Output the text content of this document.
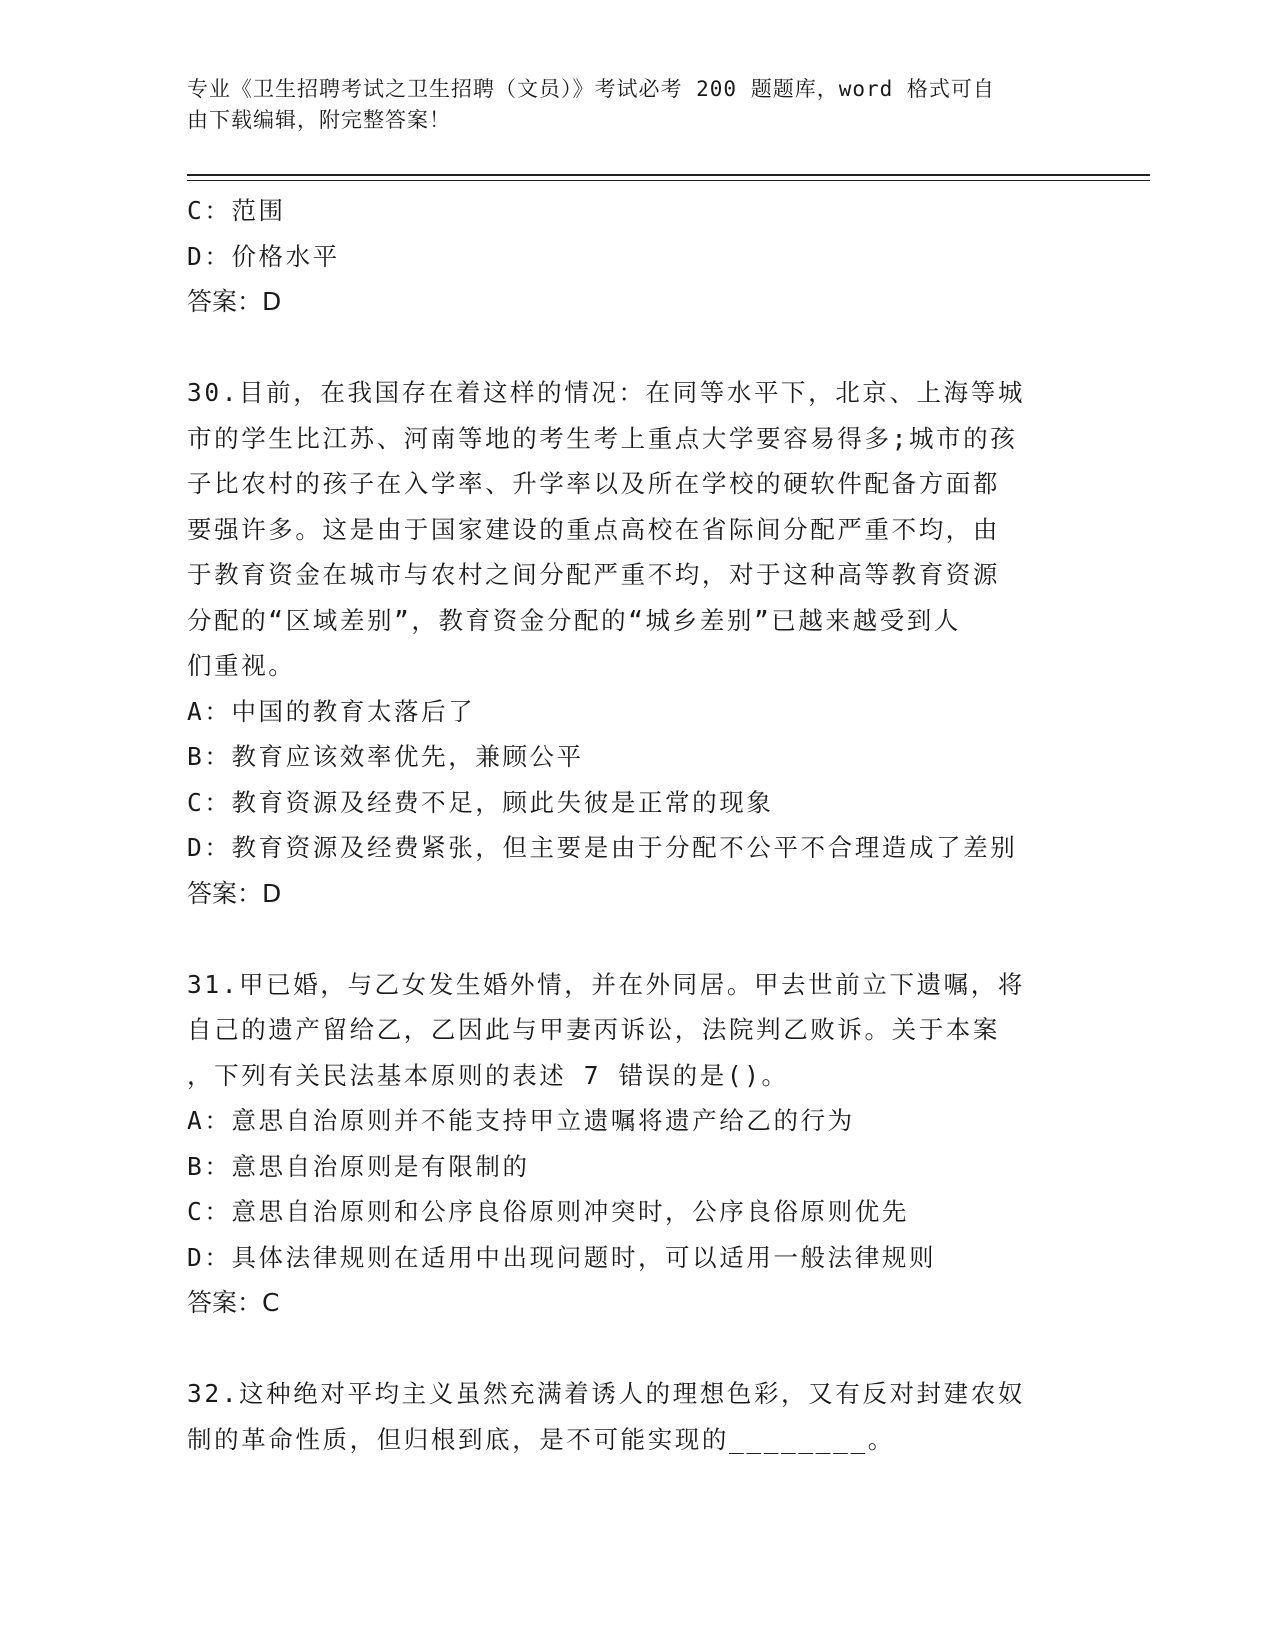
专业《卫生招聘考试之卫生招聘（文员）》考试必考 200 题题库，word 格式可自
由下载编辑，附完整答案！
C：范围
D：价格水平
答案：D
30.目前，在我国存在着这样的情况：在同等水平下，北京、上海等城
市的学生比江苏、河南等地的考生考上重点大学要容易得多;城市的孩
子比农村的孩子在入学率、升学率以及所在学校的硬软件配备方面都
要强许多。这是由于国家建设的重点高校在省际间分配严重不均，由
于教育资金在城市与农村之间分配严重不均，对于这种高等教育资源
分配的“区域差别”，教育资金分配的“城乡差别”已越来越受到人
们重视。
A：中国的教育太落后了
B：教育应该效率优先，兼顾公平
C：教育资源及经费不足，顾此失彼是正常的现象
D：教育资源及经费紧张，但主要是由于分配不公平不合理造成了差别
答案：D
31.甲已婚，与乙女发生婚外情，并在外同居。甲去世前立下遗嘱，将
自己的遗产留给乙，乙因此与甲妻丙诉讼，法院判乙败诉。关于本案
，下列有关民法基本原则的表述 7 错误的是()。
A：意思自治原则并不能支持甲立遗嘱将遗产给乙的行为
B：意思自治原则是有限制的
C：意思自治原则和公序良俗原则冲突时，公序良俗原则优先
D：具体法律规则在适用中出现问题时，可以适用一般法律规则
答案：C
32.这种绝对平均主义虽然充满着诱人的理想色彩，又有反对封建农奴
制的革命性质，但归根到底，是不可能实现的________。
